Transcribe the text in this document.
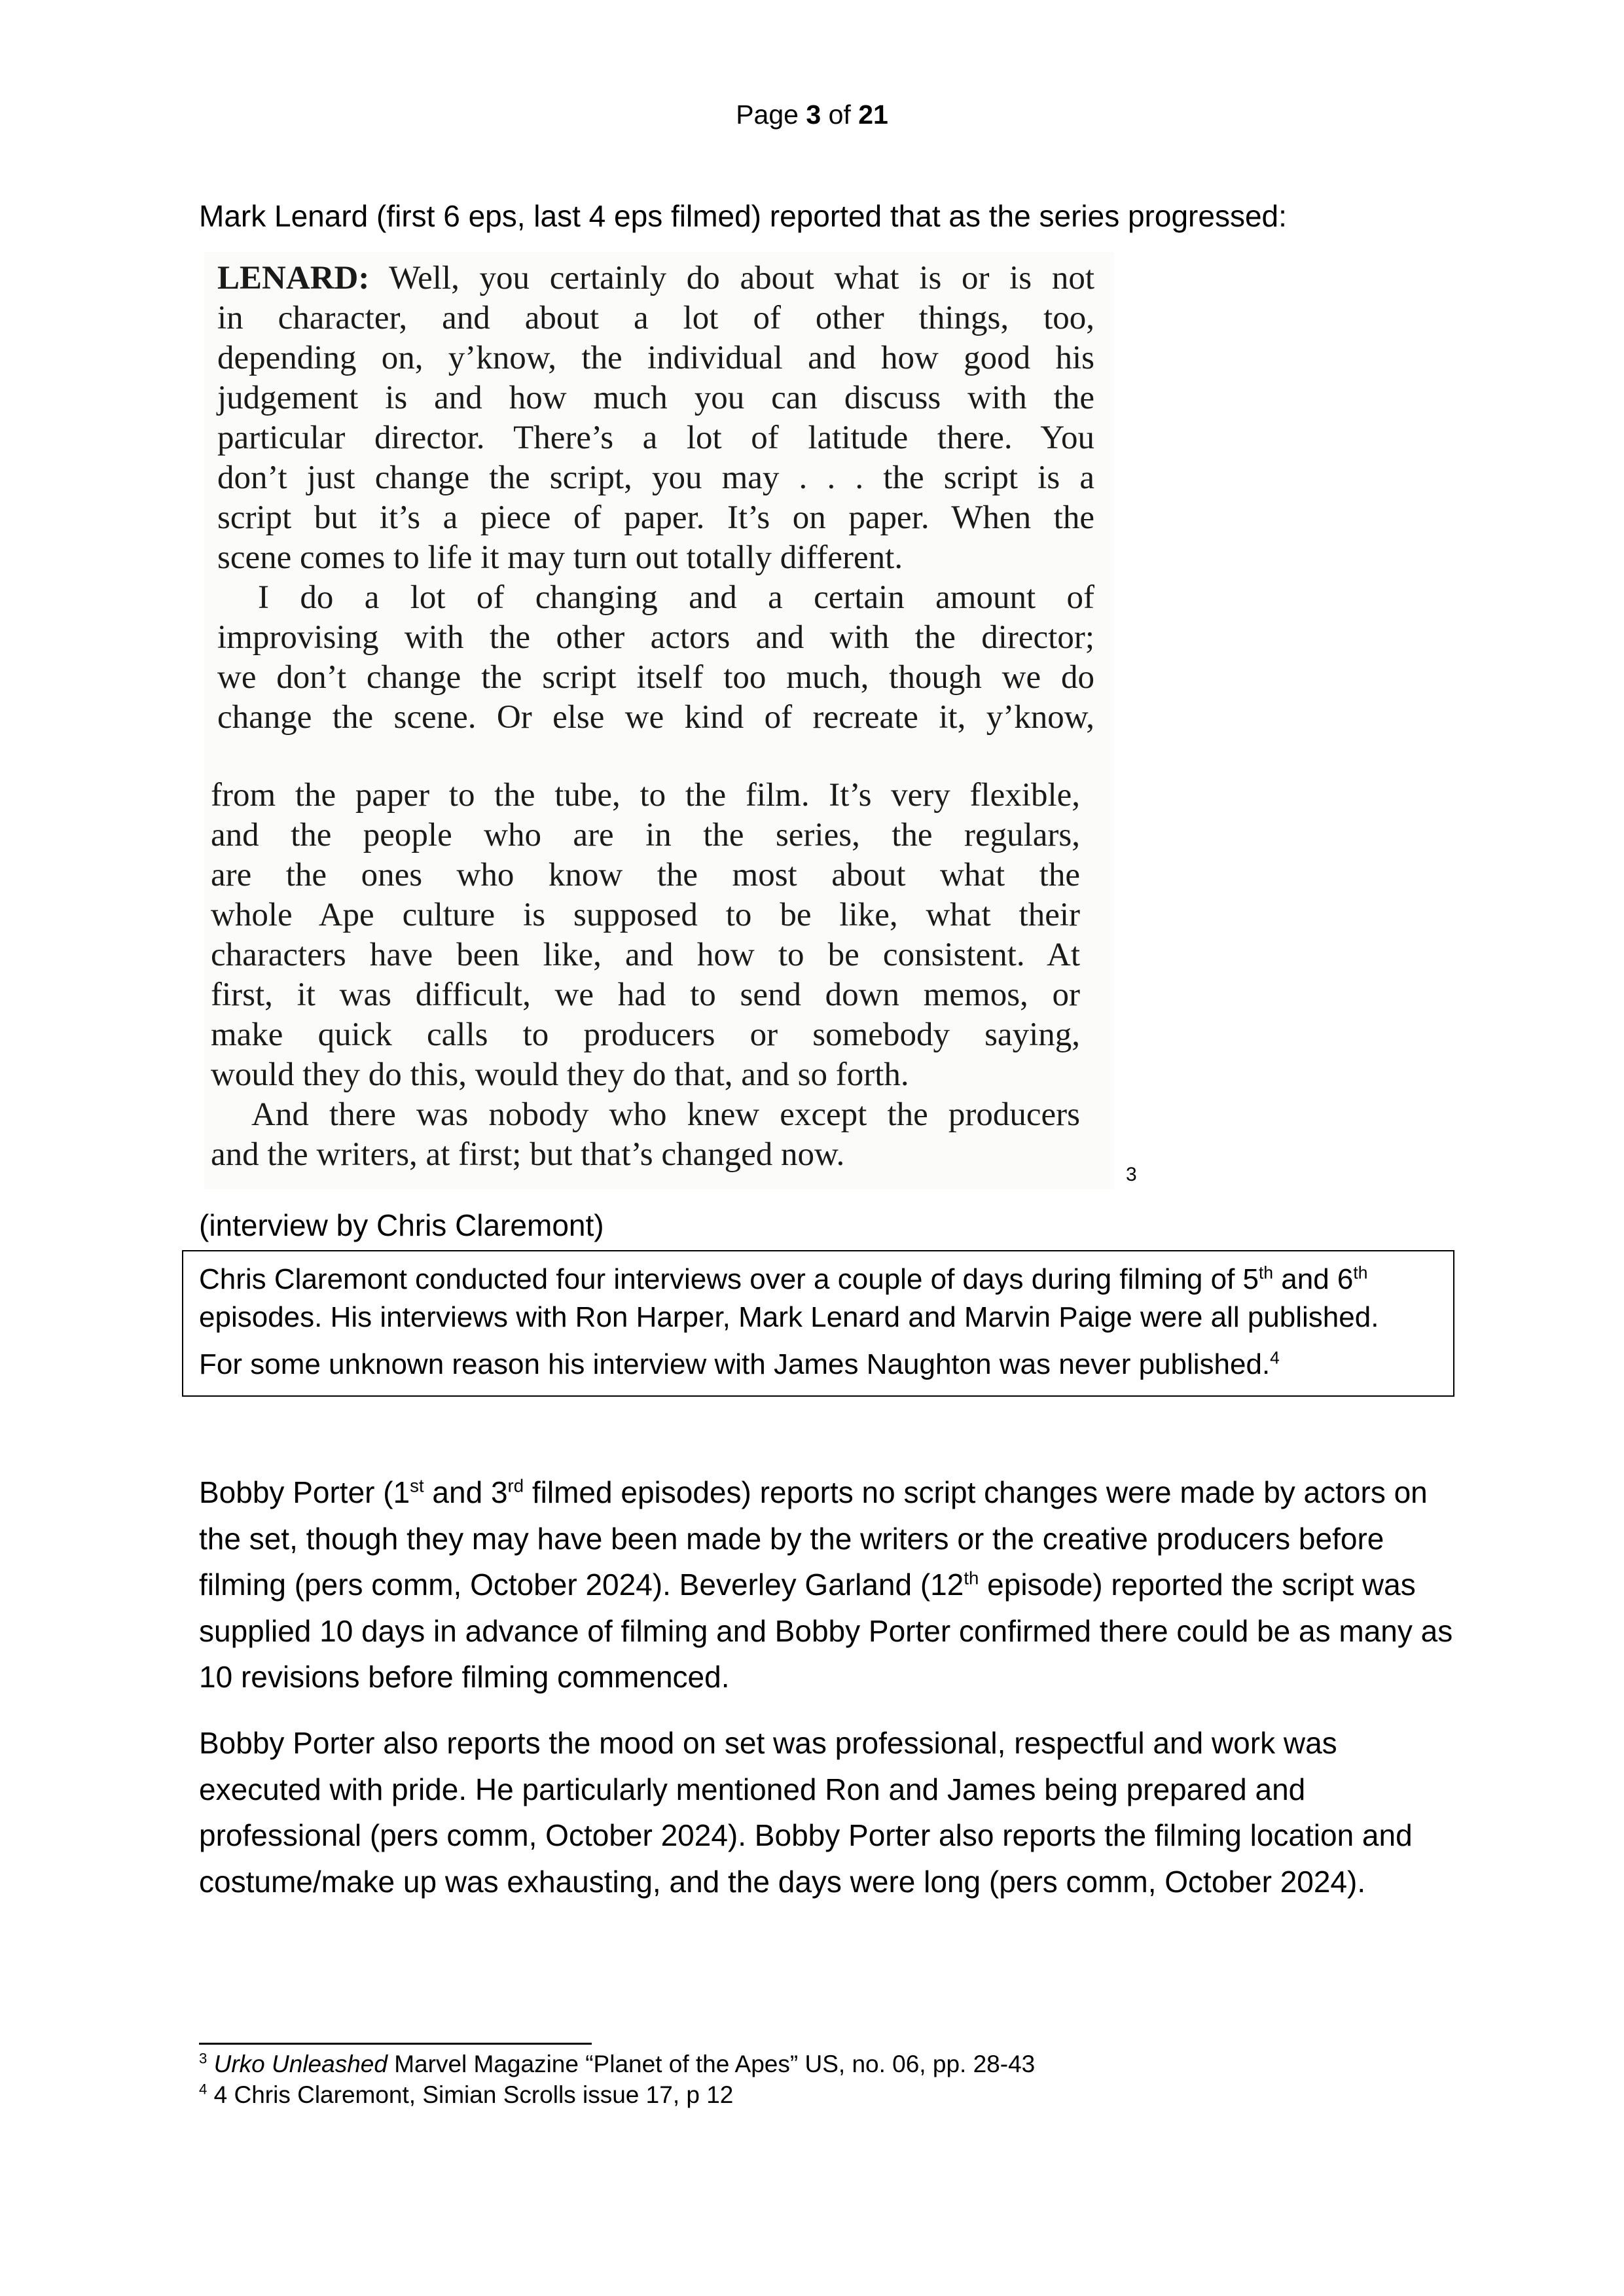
Page 3 of 21
Mark Lenard (first 6 eps, last 4 eps filmed) reported that as the series progressed:

LENARD: Well, you certainly do about what is or is not

in character, and about a lot of other things, too,

depending on, y’know, the individual and how good his

judgement is and how much you can discuss with the

particular director. There’s a lot of latitude there. You

don’t just change the script, you may . . . the script is a

script but it’s a piece of paper. It’s on paper. When the

scene comes to life it may turn out totally different.

I do a lot of changing and a certain amount of

improvising with the other actors and with the director;

we don’t change the script itself too much, though we do

change the scene. Or else we kind of recreate it, y’know,

from the paper to the tube, to the film. It’s very flexible,

and the people who are in the series, the regulars,

are the ones who know the most about what the

whole Ape culture is supposed to be like, what their

characters have been like, and how to be consistent. At

first, it was difficult, we had to send down memos, or

make quick calls to producers or somebody saying,

would they do this, would they do that, and so forth.

And there was nobody who knew except the producers

and the writers, at first; but that’s changed now.

3
(interview by Chris Claremont)

Chris Claremont conducted four interviews over a couple of days during filming of 5th and 6th

episodes. His interviews with Ron Harper, Mark Lenard and Marvin Paige were all published.

For some unknown reason his interview with James Naughton was never published.$^4$

Bobby Porter (1st and 3rd filmed episodes) reports no script changes were made by actors on

the set, though they may have been made by the writers or the creative producers before

filming (pers comm, October 2024). Beverley Garland (12th episode) reported the script was

supplied 10 days in advance of filming and Bobby Porter confirmed there could be as many as

10 revisions before filming commenced.

Bobby Porter also reports the mood on set was professional, respectful and work was

executed with pride. He particularly mentioned Ron and James being prepared and

professional (pers comm, October 2024). Bobby Porter also reports the filming location and

costume/make up was exhausting, and the days were long (pers comm, October 2024).

$^3$ Urko Unleashed Marvel Magazine “Planet of the Apes” US, no. 06, pp. 28-43
$^4$ 4 Chris Claremont, Simian Scrolls issue 17, p 12
